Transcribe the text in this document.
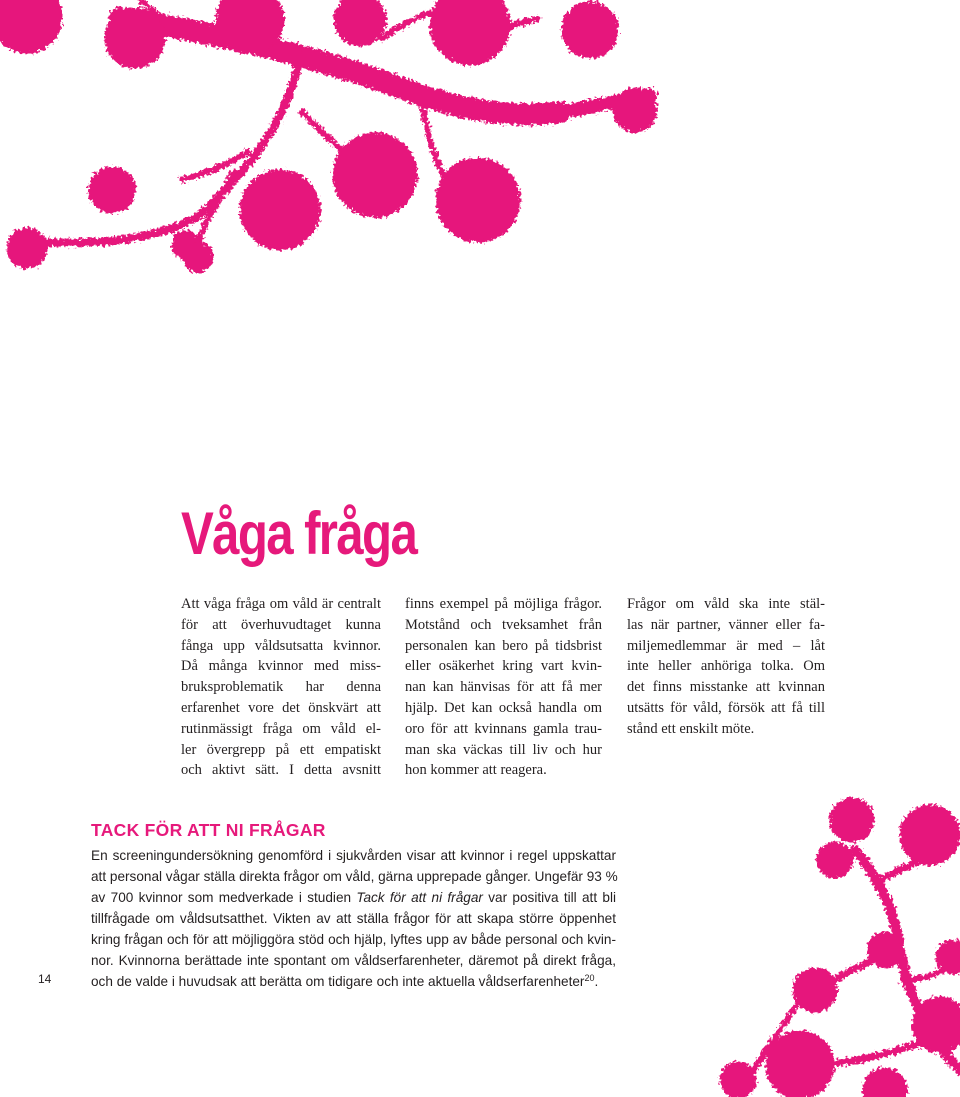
Våga fråga
Att våga fråga om våld är centralt
för att överhuvudtaget kunna
fånga upp våldsutsatta kvinnor.
Då många kvinnor med miss-
bruksproblematik har denna
erfarenhet vore det önskvärt att
rutinmässigt fråga om våld el-
ler övergrepp på ett empatiskt
och aktivt sätt. I detta avsnitt
finns exempel på möjliga frågor.
Motstånd och tveksamhet från
personalen kan bero på tidsbrist
eller osäkerhet kring vart kvin-
nan kan hänvisas för att få mer
hjälp. Det kan också handla om
oro för att kvinnans gamla trau-
man ska väckas till liv och hur
hon kommer att reagera.
Frågor om våld ska inte stäl-
las när partner, vänner eller fa-
miljemedlemmar är med – låt
inte heller anhöriga tolka. Om
det finns misstanke att kvinnan
utsätts för våld, försök att få till
stånd ett enskilt möte.
TACK FÖR ATT NI FRÅGAR
En screeningundersökning genomförd i sjukvården visar att kvinnor i regel uppskattar
att personal vågar ställa direkta frågor om våld, gärna upprepade gånger. Ungefär 93 %
av 700 kvinnor som medverkade i studien Tack för att ni frågar var positiva till att bli
tillfrågade om våldsutsatthet. Vikten av att ställa frågor för att skapa större öppenhet
kring frågan och för att möjliggöra stöd och hjälp, lyftes upp av både personal och kvin-
nor. Kvinnorna berättade inte spontant om våldserfarenheter, däremot på direkt fråga,
och de valde i huvudsak att berätta om tidigare och inte aktuella våldserfarenheter$^{20}$.
14
